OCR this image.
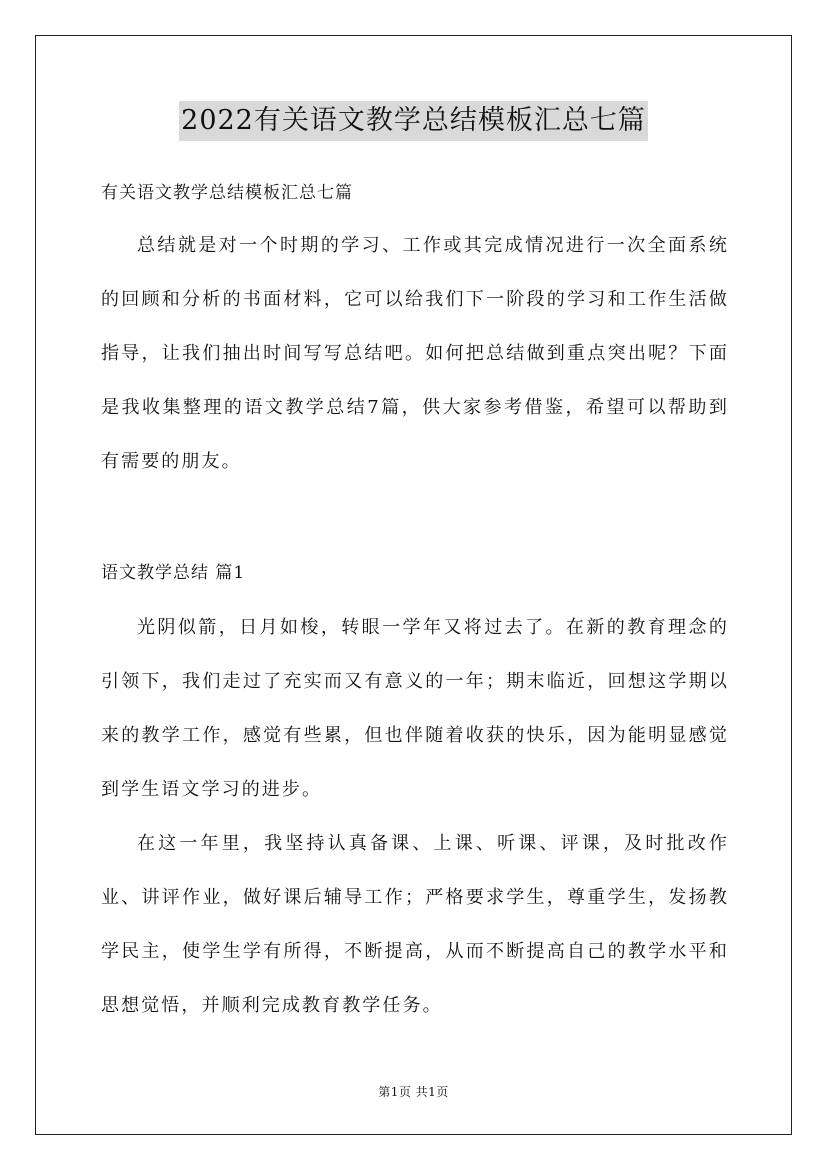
2022有关语文教学总结模板汇总七篇
有关语文教学总结模板汇总七篇

总结就是对一个时期的学习、工作或其完成情况进行一次全面系统的回顾和分析的书面材料，它可以给我们下一阶段的学习和工作生活做指导，让我们抽出时间写写总结吧。如何把总结做到重点突出呢？下面是我收集整理的语文教学总结7篇，供大家参考借鉴，希望可以帮助到有需要的朋友。

语文教学总结 篇1

光阴似箭，日月如梭，转眼一学年又将过去了。在新的教育理念的引领下，我们走过了充实而又有意义的一年；期末临近，回想这学期以来的教学工作，感觉有些累，但也伴随着收获的快乐，因为能明显感觉到学生语文学习的进步。

在这一年里，我坚持认真备课、上课、听课、评课，及时批改作业、讲评作业，做好课后辅导工作；严格要求学生，尊重学生，发扬教学民主，使学生学有所得，不断提高，从而不断提高自己的教学水平和思想觉悟，并顺利完成教育教学任务。

第1页 共1页
